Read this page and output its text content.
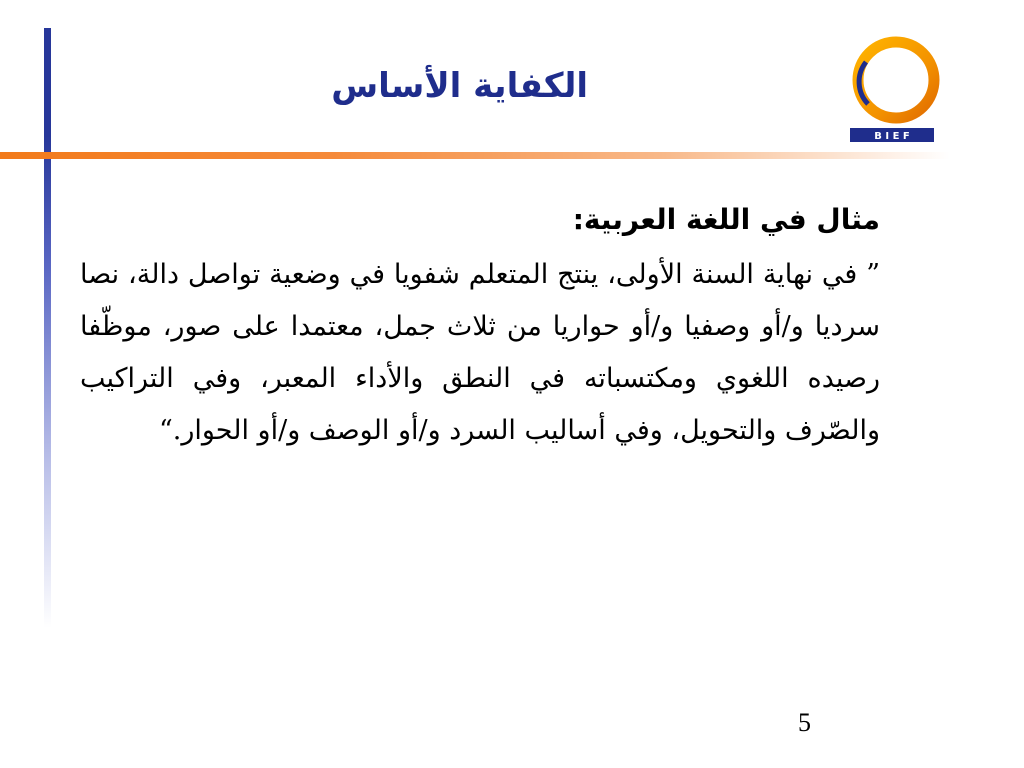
الكفاية الأساس
B I E F

مثال في اللغة العربية:

” في نهاية السنة الأولى، ينتج المتعلم شفويا في وضعية تواصل دالة، نصا سرديا و/أو وصفيا و/أو حواريا من ثلاث جمل، معتمدا على صور، موظّفا رصيده اللغوي ومكتسباته في النطق والأداء المعبر، وفي التراكيب والصّرف والتحويل، وفي أساليب السرد و/أو الوصف و/أو الحوار.“

5
